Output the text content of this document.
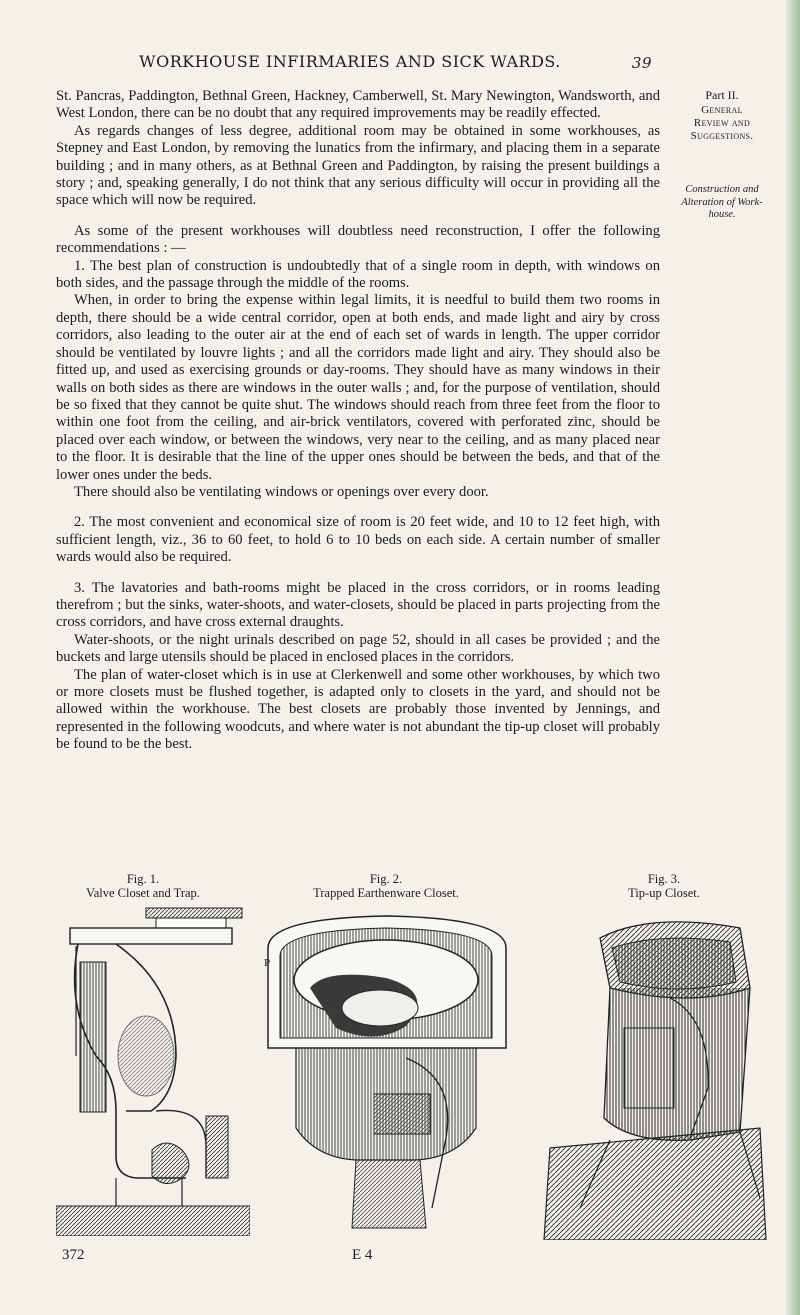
WORKHOUSE INFIRMARIES AND SICK WARDS.	39
Part II.
General
Review and
Suggestions.
Construction and
Alteration of Work-
house.

St. Pancras, Paddington, Bethnal Green, Hackney, Camberwell, St. Mary Newington, Wandsworth, and West London, there can be no doubt that any required improvements may be readily effected.

As regards changes of less degree, additional room may be obtained in some workhouses, as Stepney and East London, by removing the lunatics from the infirmary, and placing them in a separate building ; and in many others, as at Bethnal Green and Paddington, by raising the present buildings a story ; and, speaking generally, I do not think that any serious difficulty will occur in providing all the space which will now be required.

As some of the present workhouses will doubtless need reconstruction, I offer the following recommendations : —

1. The best plan of construction is undoubtedly that of a single room in depth, with windows on both sides, and the passage through the middle of the rooms.

When, in order to bring the expense within legal limits, it is needful to build them two rooms in depth, there should be a wide central corridor, open at both ends, and made light and airy by cross corridors, also leading to the outer air at the end of each set of wards in length. The upper corridor should be ventilated by louvre lights ; and all the corridors made light and airy. They should also be fitted up, and used as exercising grounds or day-rooms. They should have as many windows in their walls on both sides as there are windows in the outer walls ; and, for the purpose of ventilation, should be so fixed that they cannot be quite shut. The windows should reach from three feet from the floor to within one foot from the ceiling, and air-brick ventilators, covered with perforated zinc, should be placed over each window, or between the windows, very near to the ceiling, and as many placed near to the floor. It is desirable that the line of the upper ones should be between the beds, and that of the lower ones under the beds.

There should also be ventilating windows or openings over every door.

2. The most convenient and economical size of room is 20 feet wide, and 10 to 12 feet high, with sufficient length, viz., 36 to 60 feet, to hold 6 to 10 beds on each side. A certain number of smaller wards would also be required.

3. The lavatories and bath-rooms might be placed in the cross corridors, or in rooms leading therefrom ; but the sinks, water-shoots, and water-closets, should be placed in parts projecting from the cross corridors, and have cross external draughts.

Water-shoots, or the night urinals described on page 52, should in all cases be provided ; and the buckets and large utensils should be placed in enclosed places in the corridors.

The plan of water-closet which is in use at Clerkenwell and some other workhouses, by which two or more closets must be flushed together, is adapted only to closets in the yard, and should not be allowed within the workhouse. The best closets are probably those invented by Jennings, and represented in the following woodcuts, and where water is not abundant the tip-up closet will probably be found to be the best.

Fig. 1.
Valve Closet and Trap.
Fig. 2.
Trapped Earthenware Closet.
Fig. 3.
Tip-up Closet.
P
372	E 4
